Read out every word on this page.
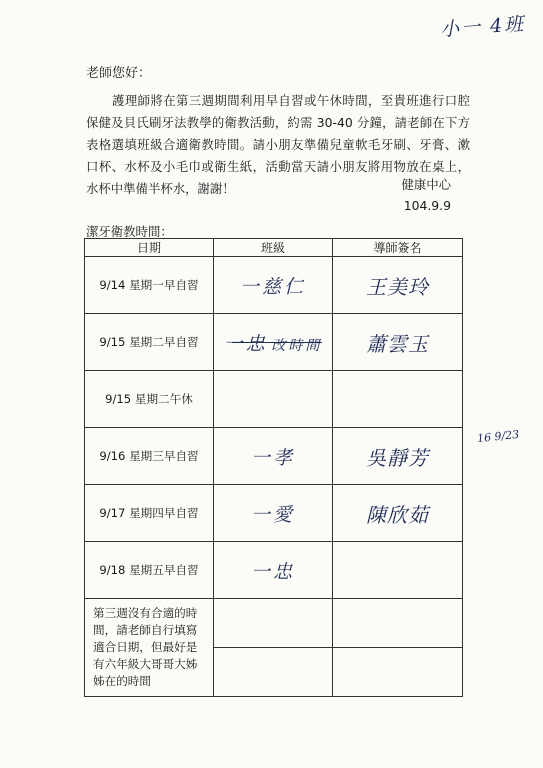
小一 4班
老師您好：
護理師將在第三週期間利用早自習或午休時間，至貴班進行口腔保健及貝氏刷牙法教學的衛教活動，約需 30-40 分鐘，請老師在下方表格選填班級合適衛教時間。請小朋友準備兒童軟毛牙刷、牙膏、漱口杯、水杯及小毛巾或衛生紙，活動當天請小朋友將用物放在桌上，水杯中準備半杯水，謝謝！	健康中心
104.9.9
潔牙衛教時間：
日期	班級	導師簽名
9/14 星期一早自習	一慈仁	王美玲
9/15 星期二早自習	一忠 改時間	蕭雲玉
9/15 星期二午休		
9/16 星期三早自習	一孝	吳靜芳
9/17 星期四早自習	一愛	陳欣茹
9/18 星期五早自習	一忠	
第三週沒有合適的時間，請老師自行填寫適合日期，但最好是有六年級大哥哥大姊姊在的時間		

16 9/23
